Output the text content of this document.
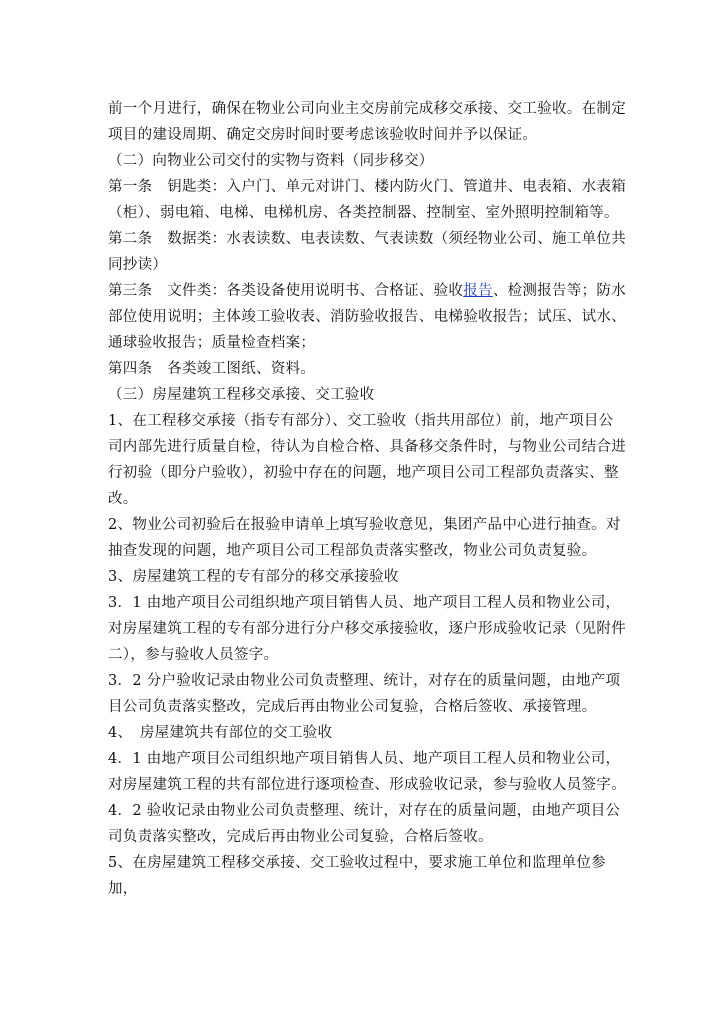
前一个月进行，确保在物业公司向业主交房前完成移交承接、交工验收。在制定项目的建设周期、确定交房时间时要考虑该验收时间并予以保证。

（二）向物业公司交付的实物与资料（同步移交）

第一条　钥匙类：入户门、单元对讲门、楼内防火门、管道井、电表箱、水表箱（柜）、弱电箱、电梯、电梯机房、各类控制器、控制室、室外照明控制箱等。

第二条　数据类：水表读数、电表读数、气表读数（须经物业公司、施工单位共同抄读）

第三条　文件类：各类设备使用说明书、合格证、验收报告、检测报告等；防水部位使用说明；主体竣工验收表、消防验收报告、电梯验收报告；试压、试水、通球验收报告；质量检查档案；

第四条　各类竣工图纸、资料。

（三）房屋建筑工程移交承接、交工验收

1、在工程移交承接（指专有部分）、交工验收（指共用部位）前，地产项目公司内部先进行质量自检，待认为自检合格、具备移交条件时，与物业公司结合进行初验（即分户验收），初验中存在的问题，地产项目公司工程部负责落实、整改。

2、物业公司初验后在报验申请单上填写验收意见，集团产品中心进行抽查。对抽查发现的问题，地产项目公司工程部负责落实整改，物业公司负责复验。

3、房屋建筑工程的专有部分的移交承接验收

3．1 由地产项目公司组织地产项目销售人员、地产项目工程人员和物业公司，对房屋建筑工程的专有部分进行分户移交承接验收，逐户形成验收记录（见附件二），参与验收人员签字。

3．2 分户验收记录由物业公司负责整理、统计，对存在的质量问题，由地产项目公司负责落实整改，完成后再由物业公司复验，合格后签收、承接管理。

4、　房屋建筑共有部位的交工验收

4．1 由地产项目公司组织地产项目销售人员、地产项目工程人员和物业公司，对房屋建筑工程的共有部位进行逐项检查、形成验收记录，参与验收人员签字。

4．2 验收记录由物业公司负责整理、统计，对存在的质量问题，由地产项目公司负责落实整改，完成后再由物业公司复验，合格后签收。

5、在房屋建筑工程移交承接、交工验收过程中，要求施工单位和监理单位参加，
